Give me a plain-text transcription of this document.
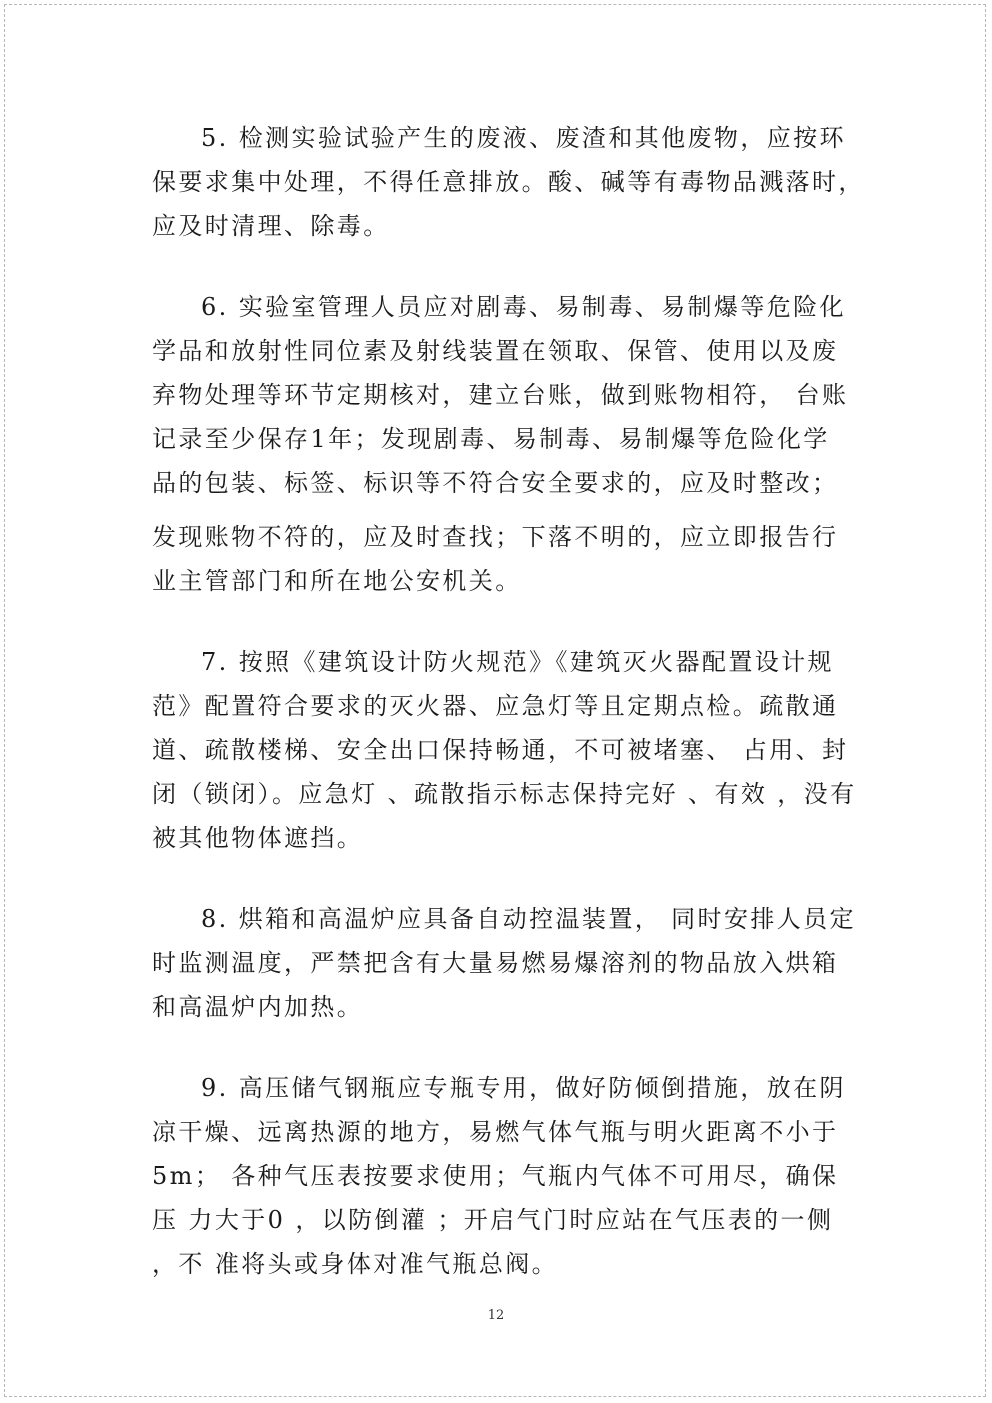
5. 检测实验试验产生的废液、废渣和其他废物，应按环
保要求集中处理，不得任意排放。酸、碱等有毒物品溅落时，
应及时清理、除毒。

6. 实验室管理人员应对剧毒、易制毒、易制爆等危险化
学品和放射性同位素及射线装置在领取、保管、使用以及废
弃物处理等环节定期核对，建立台账，做到账物相符， 台账
记录至少保存1年；发现剧毒、易制毒、易制爆等危险化学
品的包装、标签、标识等不符合安全要求的，应及时整改；

发现账物不符的，应及时查找；下落不明的，应立即报告行
业主管部门和所在地公安机关。

7. 按照《建筑设计防火规范》《建筑灭火器配置设计规
范》配置符合要求的灭火器、应急灯等且定期点检。疏散通
道、疏散楼梯、安全出口保持畅通，不可被堵塞、 占用、封
闭（锁闭）。应急灯 、疏散指示标志保持完好 、有效 ，没有
被其他物体遮挡。

8. 烘箱和高温炉应具备自动控温装置， 同时安排人员定
时监测温度，严禁把含有大量易燃易爆溶剂的物品放入烘箱
和高温炉内加热。

9. 高压储气钢瓶应专瓶专用，做好防倾倒措施，放在阴
凉干燥、远离热源的地方，易燃气体气瓶与明火距离不小于
5m； 各种气压表按要求使用；气瓶内气体不可用尽，确保
压 力大于0 ，以防倒灌 ；开启气门时应站在气压表的一侧
，不 准将头或身体对准气瓶总阀。

12
